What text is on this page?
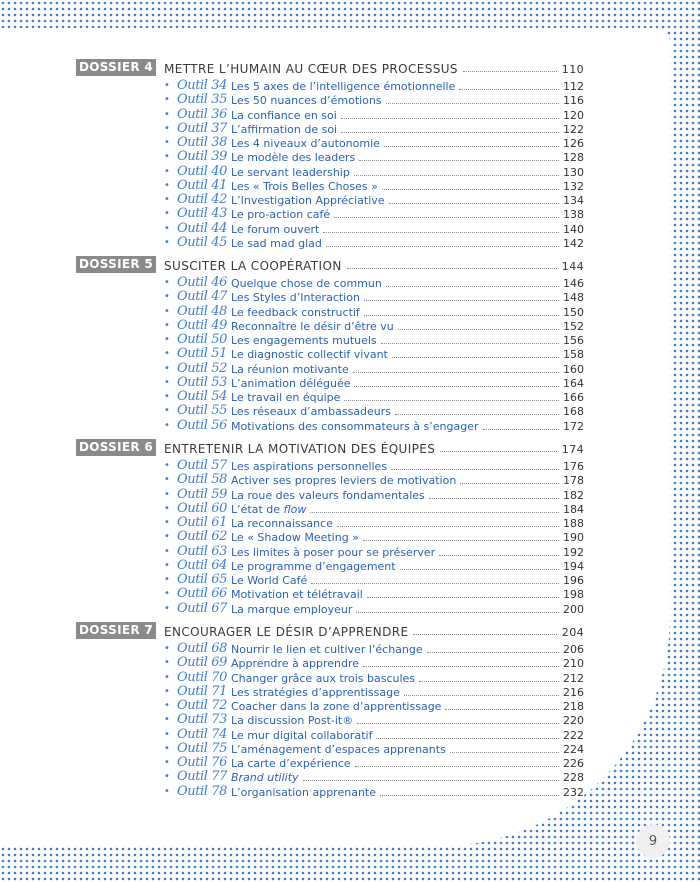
DOSSIER 4 METTRE L’HUMAIN AU CŒUR DES PROCESSUS	110
• Outil 34 Les 5 axes de l’intelligence émotionnelle	112
• Outil 35 Les 50 nuances d’émotions	116
• Outil 36 La confiance en soi	120
• Outil 37 L’affirmation de soi	122
• Outil 38 Les 4 niveaux d’autonomie	126
• Outil 39 Le modèle des leaders	128
• Outil 40 Le servant leadership	130
• Outil 41 Les « Trois Belles Choses »	132
• Outil 42 L’Investigation Appréciative	134
• Outil 43 Le pro-action café	138
• Outil 44 Le forum ouvert	140
• Outil 45 Le sad mad glad	142
DOSSIER 5 SUSCITER LA COOPÉRATION	144
• Outil 46 Quelque chose de commun	146
• Outil 47 Les Styles d’Interaction	148
• Outil 48 Le feedback constructif	150
• Outil 49 Reconnaître le désir d’être vu	152
• Outil 50 Les engagements mutuels	156
• Outil 51 Le diagnostic collectif vivant	158
• Outil 52 La réunion motivante	160
• Outil 53 L’animation déléguée	164
• Outil 54 Le travail en équipe	166
• Outil 55 Les réseaux d’ambassadeurs	168
• Outil 56 Motivations des consommateurs à s’engager	172
DOSSIER 6 ENTRETENIR LA MOTIVATION DES ÉQUIPES	174
• Outil 57 Les aspirations personnelles	176
• Outil 58 Activer ses propres leviers de motivation	178
• Outil 59 La roue des valeurs fondamentales	182
• Outil 60 L’état de flow	184
• Outil 61 La reconnaissance	188
• Outil 62 Le « Shadow Meeting »	190
• Outil 63 Les limites à poser pour se préserver	192
• Outil 64 Le programme d’engagement	194
• Outil 65 Le World Café	196
• Outil 66 Motivation et télétravail	198
• Outil 67 La marque employeur	200
DOSSIER 7 ENCOURAGER LE DÉSIR D’APPRENDRE	204
• Outil 68 Nourrir le lien et cultiver l’échange	206
• Outil 69 Apprendre à apprendre	210
• Outil 70 Changer grâce aux trois bascules	212
• Outil 71 Les stratégies d’apprentissage	216
• Outil 72 Coacher dans la zone d’apprentissage	218
• Outil 73 La discussion Post-it®	220
• Outil 74 Le mur digital collaboratif	222
• Outil 75 L’aménagement d’espaces apprenants	224
• Outil 76 La carte d’expérience	226
• Outil 77 Brand utility	228
• Outil 78 L’organisation apprenante	232
9
